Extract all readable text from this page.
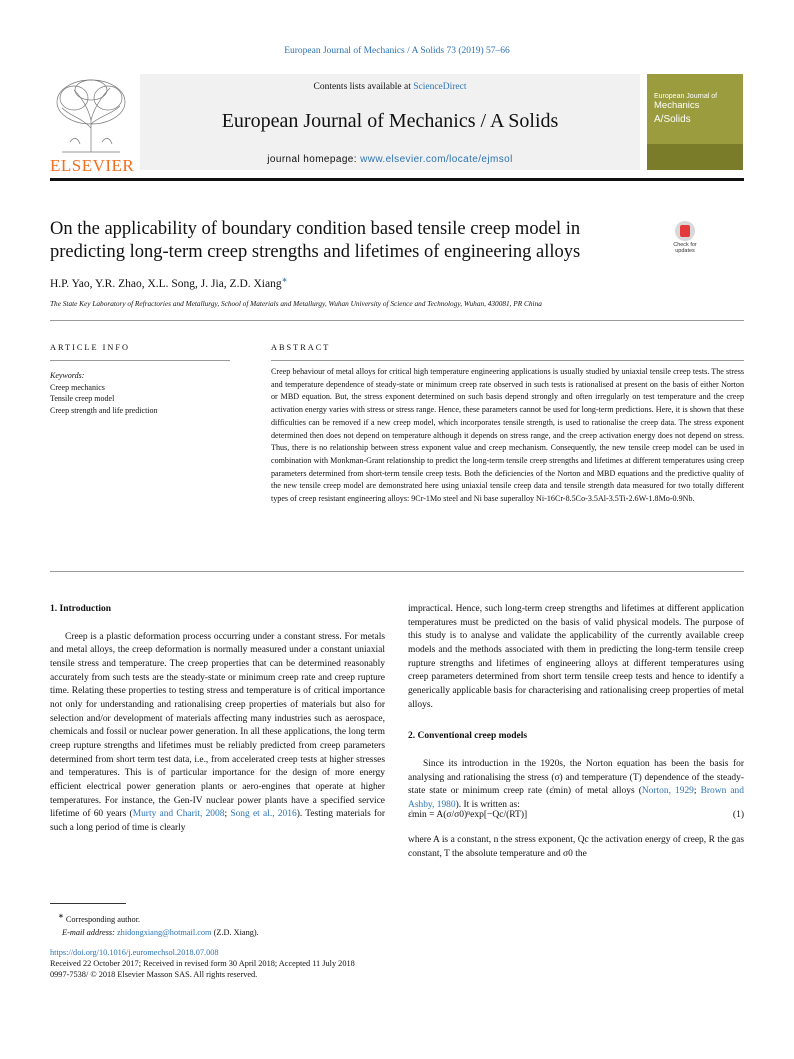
European Journal of Mechanics / A Solids 73 (2019) 57–66
ELSEVIER
Contents lists available at ScienceDirect
European Journal of Mechanics / A Solids
journal homepage: www.elsevier.com/locate/ejmsol
European Journal of
Mechanics
A/Solids
On the applicability of boundary condition based tensile creep model in predicting long-term creep strengths and lifetimes of engineering alloys	Check for updates
H.P. Yao, Y.R. Zhao, X.L. Song, J. Jia, Z.D. Xiang∗
The State Key Laboratory of Refractories and Metallurgy, School of Materials and Metallurgy, Wuhan University of Science and Technology, Wuhan, 430081, PR China
ARTICLE INFO	ABSTRACT
Keywords:
Creep mechanics
Tensile creep model
Creep strength and life prediction
Creep behaviour of metal alloys for critical high temperature engineering applications is usually studied by uniaxial tensile creep tests. The stress and temperature dependence of steady-state or minimum creep rate observed in such tests is rationalised at present on the basis of either Norton or MBD equation. But, the stress exponent determined on such basis depend strongly and often irregularly on test temperature and the creep activation energy varies with stress or stress range. Hence, these parameters cannot be used for long-term predictions. Here, it is shown that these difficulties can be removed if a new creep model, which incorporates tensile strength, is used to rationalise the creep data. The stress exponent determined then does not depend on temperature although it depends on stress range, and the creep activation energy does not depend on stress. Thus, there is no relationship between stress exponent value and creep mechanism. Consequently, the new tensile creep model can be used in combination with Monkman-Grant relationship to predict the long-term tensile creep strengths and lifetimes at different temperatures using creep parameters determined from short-term tensile creep tests. Both the deficiencies of the Norton and MBD equations and the predictive quality of the new tensile creep model are demonstrated here using uniaxial tensile creep data and tensile strength data measured for two totally different types of creep resistant engineering alloys: 9Cr-1Mo steel and Ni base superalloy Ni-16Cr-8.5Co-3.5Al-3.5Ti-2.6W-1.8Mo-0.9Nb.
1. Introduction

Creep is a plastic deformation process occurring under a constant stress. For metals and metal alloys, the creep deformation is normally measured under a constant uniaxial tensile stress and temperature. The creep properties that can be determined reasonably accurately from such tests are the steady-state or minimum creep rate and creep rupture time. Relating these properties to testing stress and temperature is of critical importance not only for understanding and rationalising creep properties of materials but also for selection and/or development of materials affecting many industries such as aerospace, chemicals and fossil or nuclear power generation. In all these applications, the long term creep rupture strengths and lifetimes must be reliably predicted from creep parameters determined from short term test data, i.e., from accelerated creep tests at higher stresses and temperatures. This is of particular importance for the design of more energy efficient electrical power generation plants or aero-engines that operate at higher temperatures. For instance, the Gen-IV nuclear power plants have a specified service lifetime of 60 years (Murty and Charit, 2008; Song et al., 2016). Testing materials for such a long period of time is clearly

impractical. Hence, such long-term creep strengths and lifetimes at different application temperatures must be predicted on the basis of valid physical models. The purpose of this study is to analyse and validate the applicability of the currently available creep models and the methods associated with them in predicting the long-term tensile creep rupture strengths and lifetimes of engineering alloys at different temperatures using creep parameters determined from short term tensile creep tests and hence to identify a generically applicable basis for characterising and rationalising creep properties of metal alloys.

2. Conventional creep models

Since its introduction in the 1920s, the Norton equation has been the basis for analysing and rationalising the stress (σ) and temperature (T) dependence of the steady-state state or minimum creep rate (ε̇min) of metal alloys (Norton, 1929; Brown and Ashby, 1980). It is written as:

ε̇min = A(σ/σ0)ⁿexp[−Qc/(RT)]	(1)

where A is a constant, n the stress exponent, Qc the activation energy of creep, R the gas constant, T the absolute temperature and σ0 the

∗ Corresponding author.
E-mail address: zhidongxiang@hotmail.com (Z.D. Xiang).
https://doi.org/10.1016/j.euromechsol.2018.07.008
Received 22 October 2017; Received in revised form 30 April 2018; Accepted 11 July 2018
0997-7538/ © 2018 Elsevier Masson SAS. All rights reserved.
